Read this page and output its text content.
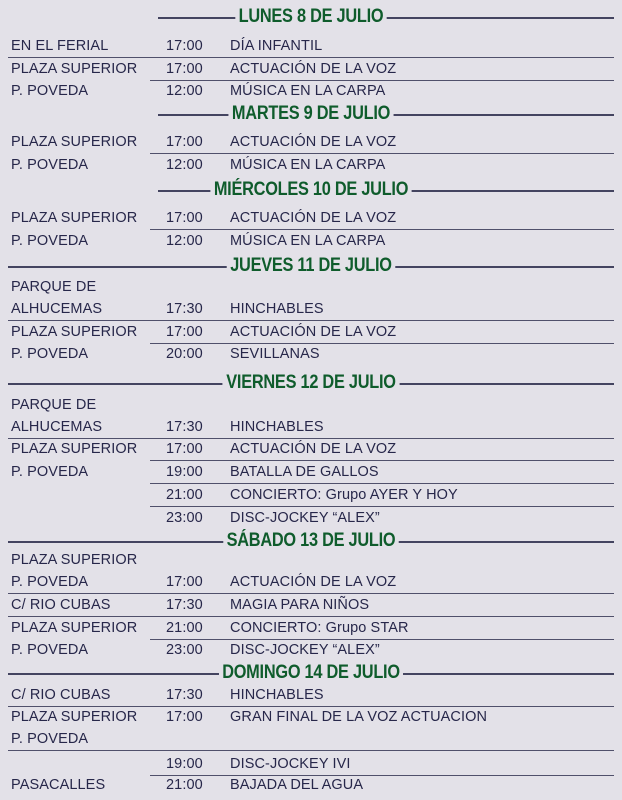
LUNES 8 DE JULIO
EN EL FERIAL	17:00 DÍA INFANTIL
PLAZA SUPERIOR 17:00 ACTUACIÓN DE LA VOZ
P. POVEDA	12:00 MÚSICA EN LA CARPA
MARTES 9 DE JULIO
PLAZA SUPERIOR 17:00 ACTUACIÓN DE LA VOZ
P. POVEDA	12:00 MÚSICA EN LA CARPA
MIÉRCOLES 10 DE JULIO
PLAZA SUPERIOR 17:00 ACTUACIÓN DE LA VOZ
P. POVEDA	12:00 MÚSICA EN LA CARPA
JUEVES 11 DE JULIO
PARQUE DE
ALHUCEMAS	17:30 HINCHABLES
PLAZA SUPERIOR 17:00 ACTUACIÓN DE LA VOZ
P. POVEDA	20:00 SEVILLANAS
VIERNES 12 DE JULIO
PARQUE DE
ALHUCEMAS	17:30 HINCHABLES
PLAZA SUPERIOR 17:00 ACTUACIÓN DE LA VOZ
P. POVEDA	19:00 BATALLA DE GALLOS
21:00 CONCIERTO: Grupo AYER Y HOY
23:00 DISC-JOCKEY “ALEX”
SÁBADO 13 DE JULIO
PLAZA SUPERIOR
P. POVEDA	17:00 ACTUACIÓN DE LA VOZ
C/ RIO CUBAS	17:30 MAGIA PARA NIÑOS
PLAZA SUPERIOR 21:00 CONCIERTO: Grupo STAR
P. POVEDA	23:00 DISC-JOCKEY “ALEX”
DOMINGO 14 DE JULIO
C/ RIO CUBAS	17:30 HINCHABLES
PLAZA SUPERIOR 17:00 GRAN FINAL DE LA VOZ ACTUACION
P. POVEDA
19:00 DISC-JOCKEY IVI
PASACALLES	21:00 BAJADA DEL AGUA
